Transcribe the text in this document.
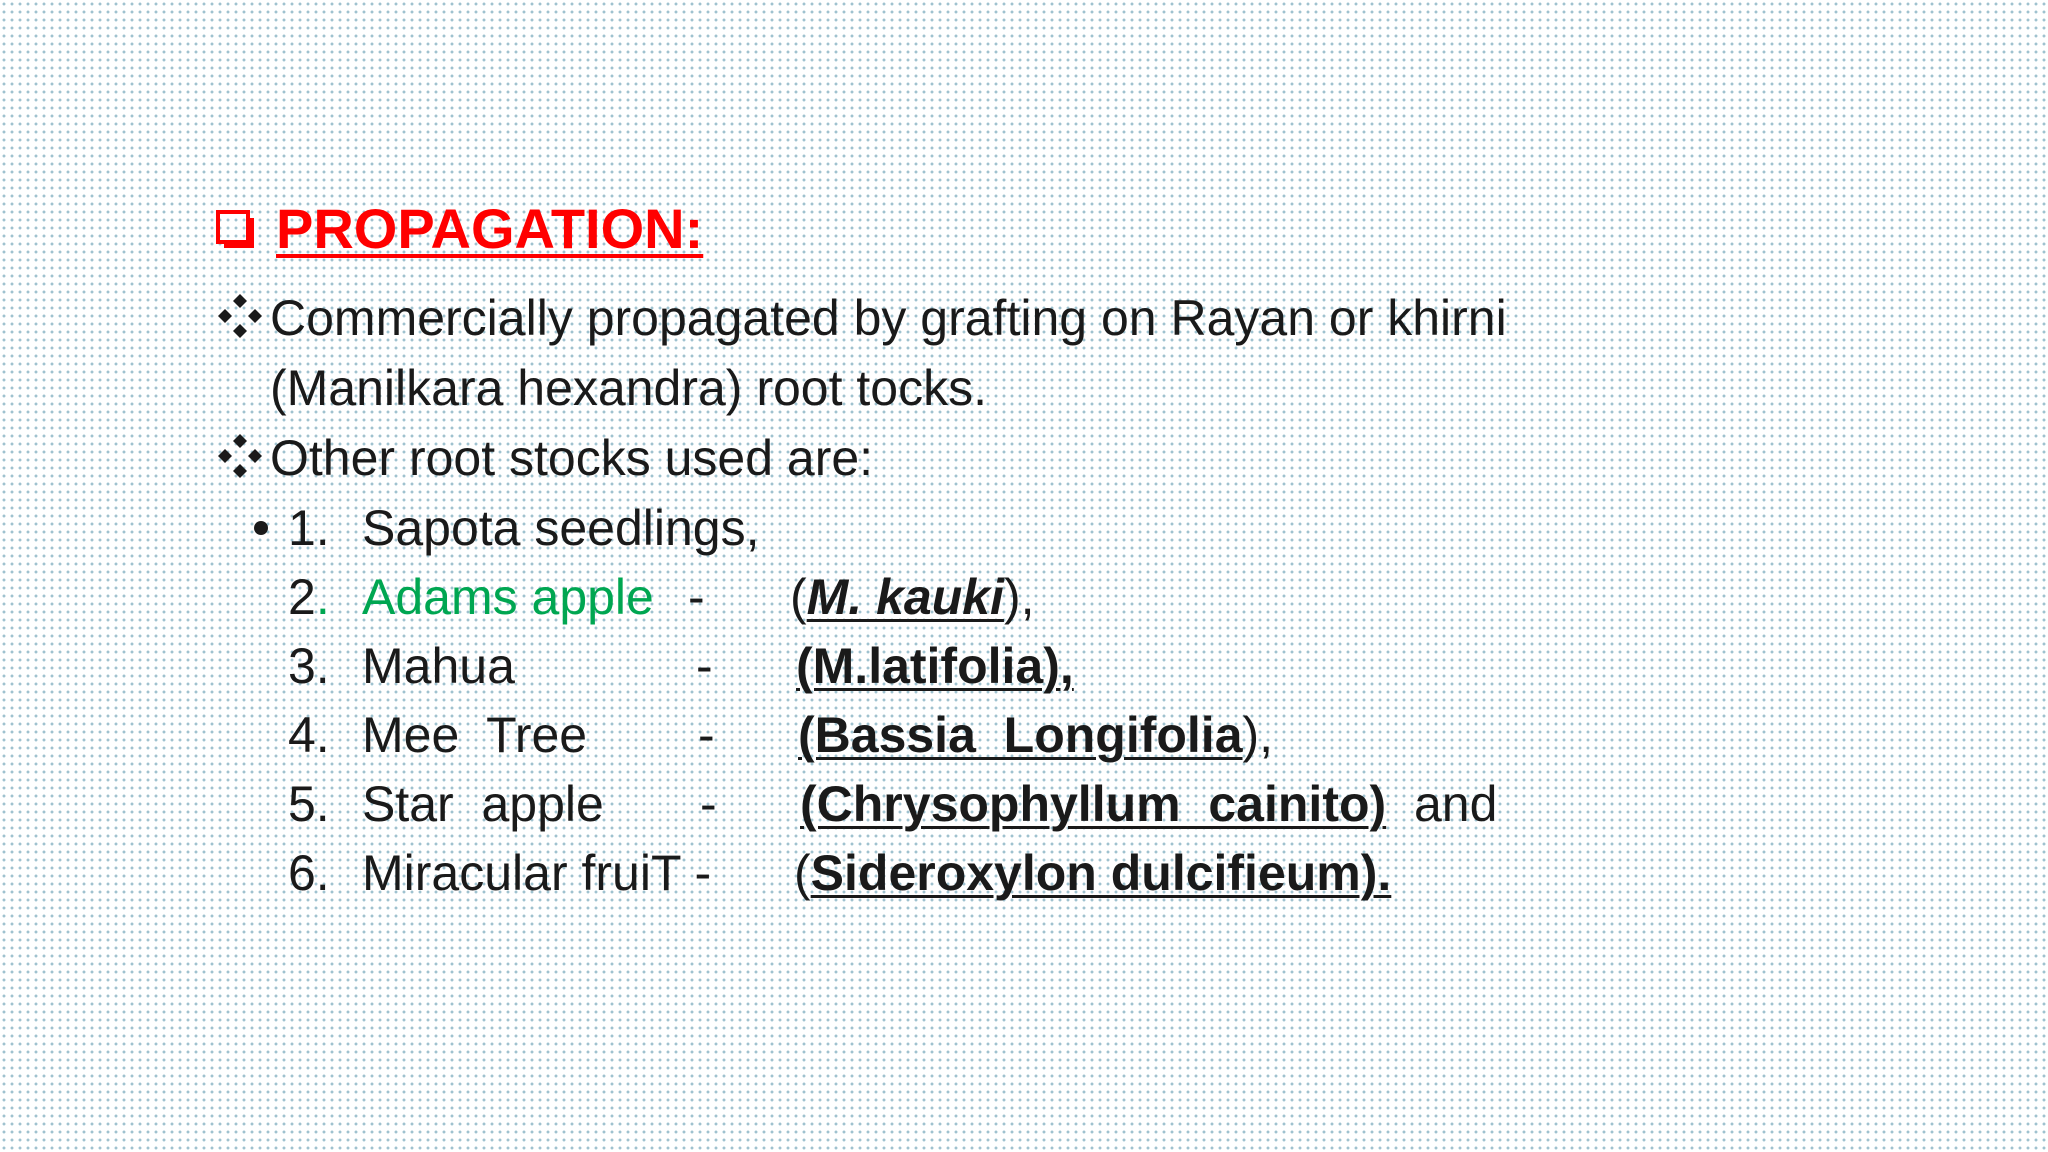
PROPAGATION:
Commercially propagated by grafting on Rayan or khirni
(Manilkara hexandra) root tocks.
Other root stocks used are:
1. Sapota seedlings,
2. Adams apple - (M. kauki),
3. Mahua	- (M.latifolia),
4. Mee  Tree - (Bassia  Longifolia),
5. Star  apple - (Chrysophyllum  cainito) and
6. Miracular fruiT - (Sideroxylon dulcifieum).
